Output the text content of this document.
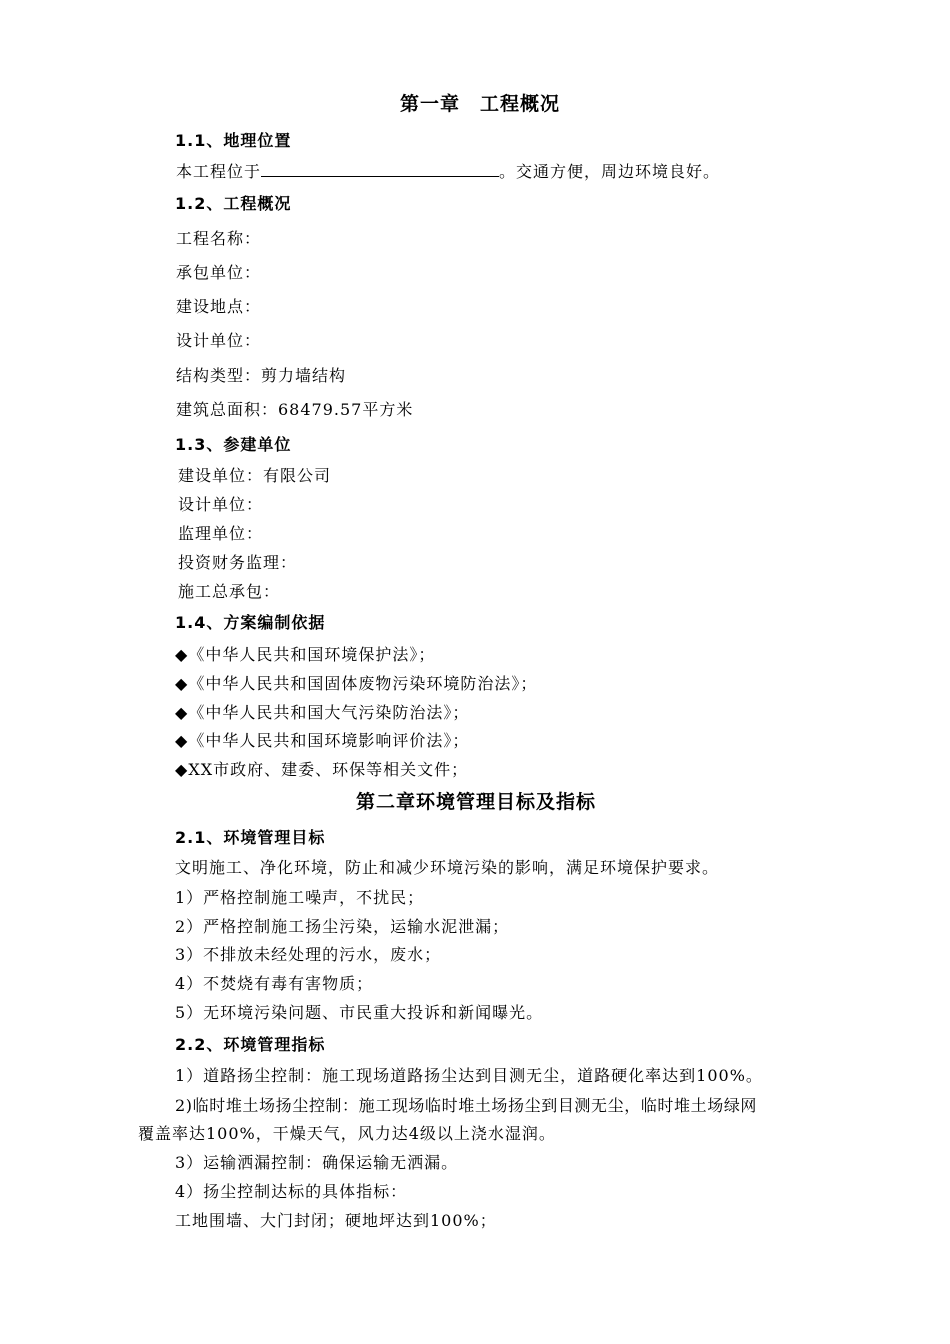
第一章　工程概况
1.1、地理位置
本工程位于	。交通方便，周边环境良好。
1.2、工程概况
工程名称：
承包单位：
建设地点：
设计单位：
结构类型：剪力墙结构
建筑总面积：68479.57平方米
1.3、参建单位
建设单位：有限公司
设计单位：
监理单位：
投资财务监理：
施工总承包：
1.4、方案编制依据
◆《中华人民共和国环境保护法》；
◆《中华人民共和国固体废物污染环境防治法》；
◆《中华人民共和国大气污染防治法》；
◆《中华人民共和国环境影响评价法》；
◆XX市政府、建委、环保等相关文件；
第二章环境管理目标及指标
2.1、环境管理目标
文明施工、净化环境，防止和减少环境污染的影响，满足环境保护要求。
1）严格控制施工噪声，不扰民；
2）严格控制施工扬尘污染，运输水泥泄漏；
3）不排放未经处理的污水，废水；
4）不焚烧有毒有害物质；
5）无环境污染问题、市民重大投诉和新闻曝光。
2.2、环境管理指标
1）道路扬尘控制：施工现场道路扬尘达到目测无尘，道路硬化率达到100%。
2)临时堆土场扬尘控制：施工现场临时堆土场扬尘到目测无尘，临时堆土场绿网
覆盖率达100%，干燥天气，风力达4级以上浇水湿润。
3）运输洒漏控制：确保运输无洒漏。
4）扬尘控制达标的具体指标：
工地围墙、大门封闭；硬地坪达到100%；
